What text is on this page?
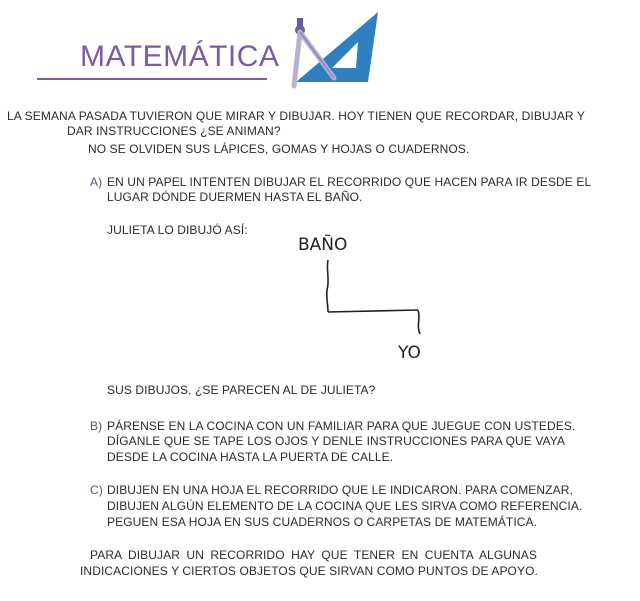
MATEMÁTICA
LA SEMANA PASADA TUVIERON QUE MIRAR Y DIBUJAR. HOY TIENEN QUE RECORDAR, DIBUJAR Y
DAR INSTRUCCIONES ¿SE ANIMAN?
NO SE OLVIDEN SUS LÁPICES, GOMAS Y HOJAS O CUADERNOS.
A) EN UN PAPEL INTENTEN DIBUJAR EL RECORRIDO QUE HACEN PARA IR DESDE EL
LUGAR DÓNDE DUERMEN HASTA EL BAÑO.
JULIETA LO DIBUJÓ ASÍ:
BAÑO
YO
SUS DIBUJOS, ¿SE PARECEN AL DE JULIETA?
B) PÁRENSE EN LA COCINA CON UN FAMILIAR PARA QUE JUEGUE CON USTEDES.
DÍGANLE QUE SE TAPE LOS OJOS Y DENLE INSTRUCCIONES PARA QUE VAYA
DESDE LA COCINA HASTA LA PUERTA DE CALLE.
C) DIBUJEN EN UNA HOJA EL RECORRIDO QUE LE INDICARON. PARA COMENZAR,
DIBUJEN ALGÚN ELEMENTO DE LA COCINA QUE LES SIRVA COMO REFERENCIA.
PEGUEN ESA HOJA EN SUS CUADERNOS O CARPETAS DE MATEMÁTICA.
PARA DIBUJAR UN RECORRIDO HAY QUE TENER EN CUENTA ALGUNAS
INDICACIONES Y CIERTOS OBJETOS QUE SIRVAN COMO PUNTOS DE APOYO.
